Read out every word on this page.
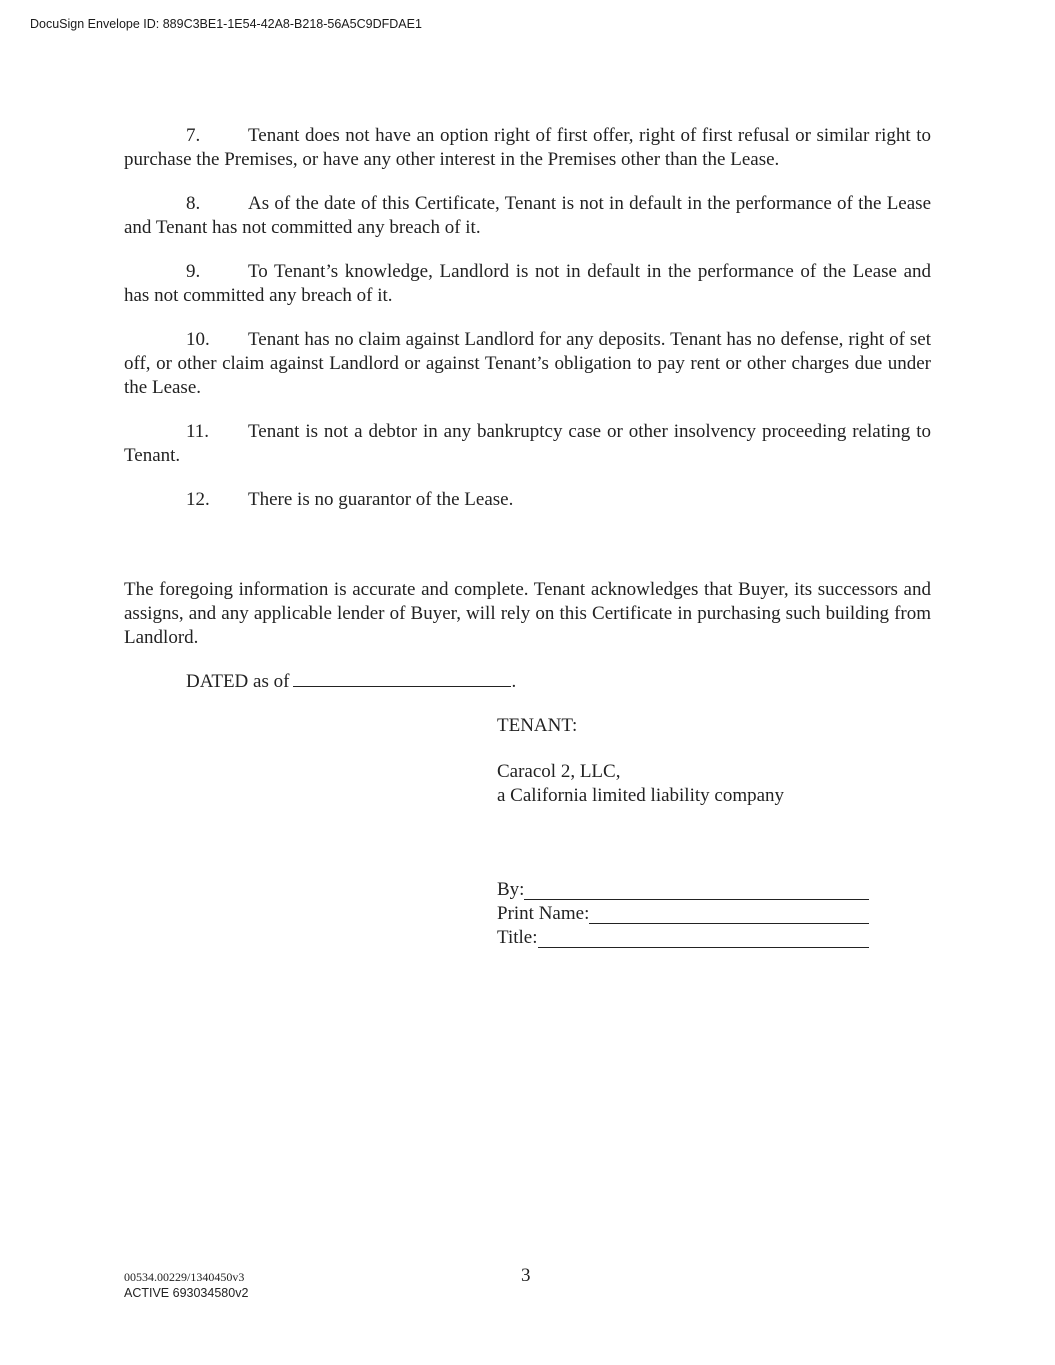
DocuSign Envelope ID: 889C3BE1-1E54-42A8-B218-56A5C9DFDAE1

7.	Tenant does not have an option right of first offer, right of first refusal or similar right to purchase the Premises, or have any other interest in the Premises other than the Lease.

8.	As of the date of this Certificate, Tenant is not in default in the performance of the Lease and Tenant has not committed any breach of it.

9.	To Tenant’s knowledge, Landlord is not in default in the performance of the Lease and has not committed any breach of it.

10. Tenant has no claim against Landlord for any deposits. Tenant has no defense, right of set off, or other claim against Landlord or against Tenant’s obligation to pay rent or other charges due under the Lease.

11. Tenant is not a debtor in any bankruptcy case or other insolvency proceeding relating to Tenant.

12. There is no guarantor of the Lease.

The foregoing information is accurate and complete. Tenant acknowledges that Buyer, its successors and assigns, and any applicable lender of Buyer, will rely on this Certificate in purchasing such building from Landlord.

DATED as of	.
TENANT:
Caracol 2, LLC,
a California limited liability company
By:
Print Name:
Title:
00534.00229/1340450v3
ACTIVE 693034580v2
3
